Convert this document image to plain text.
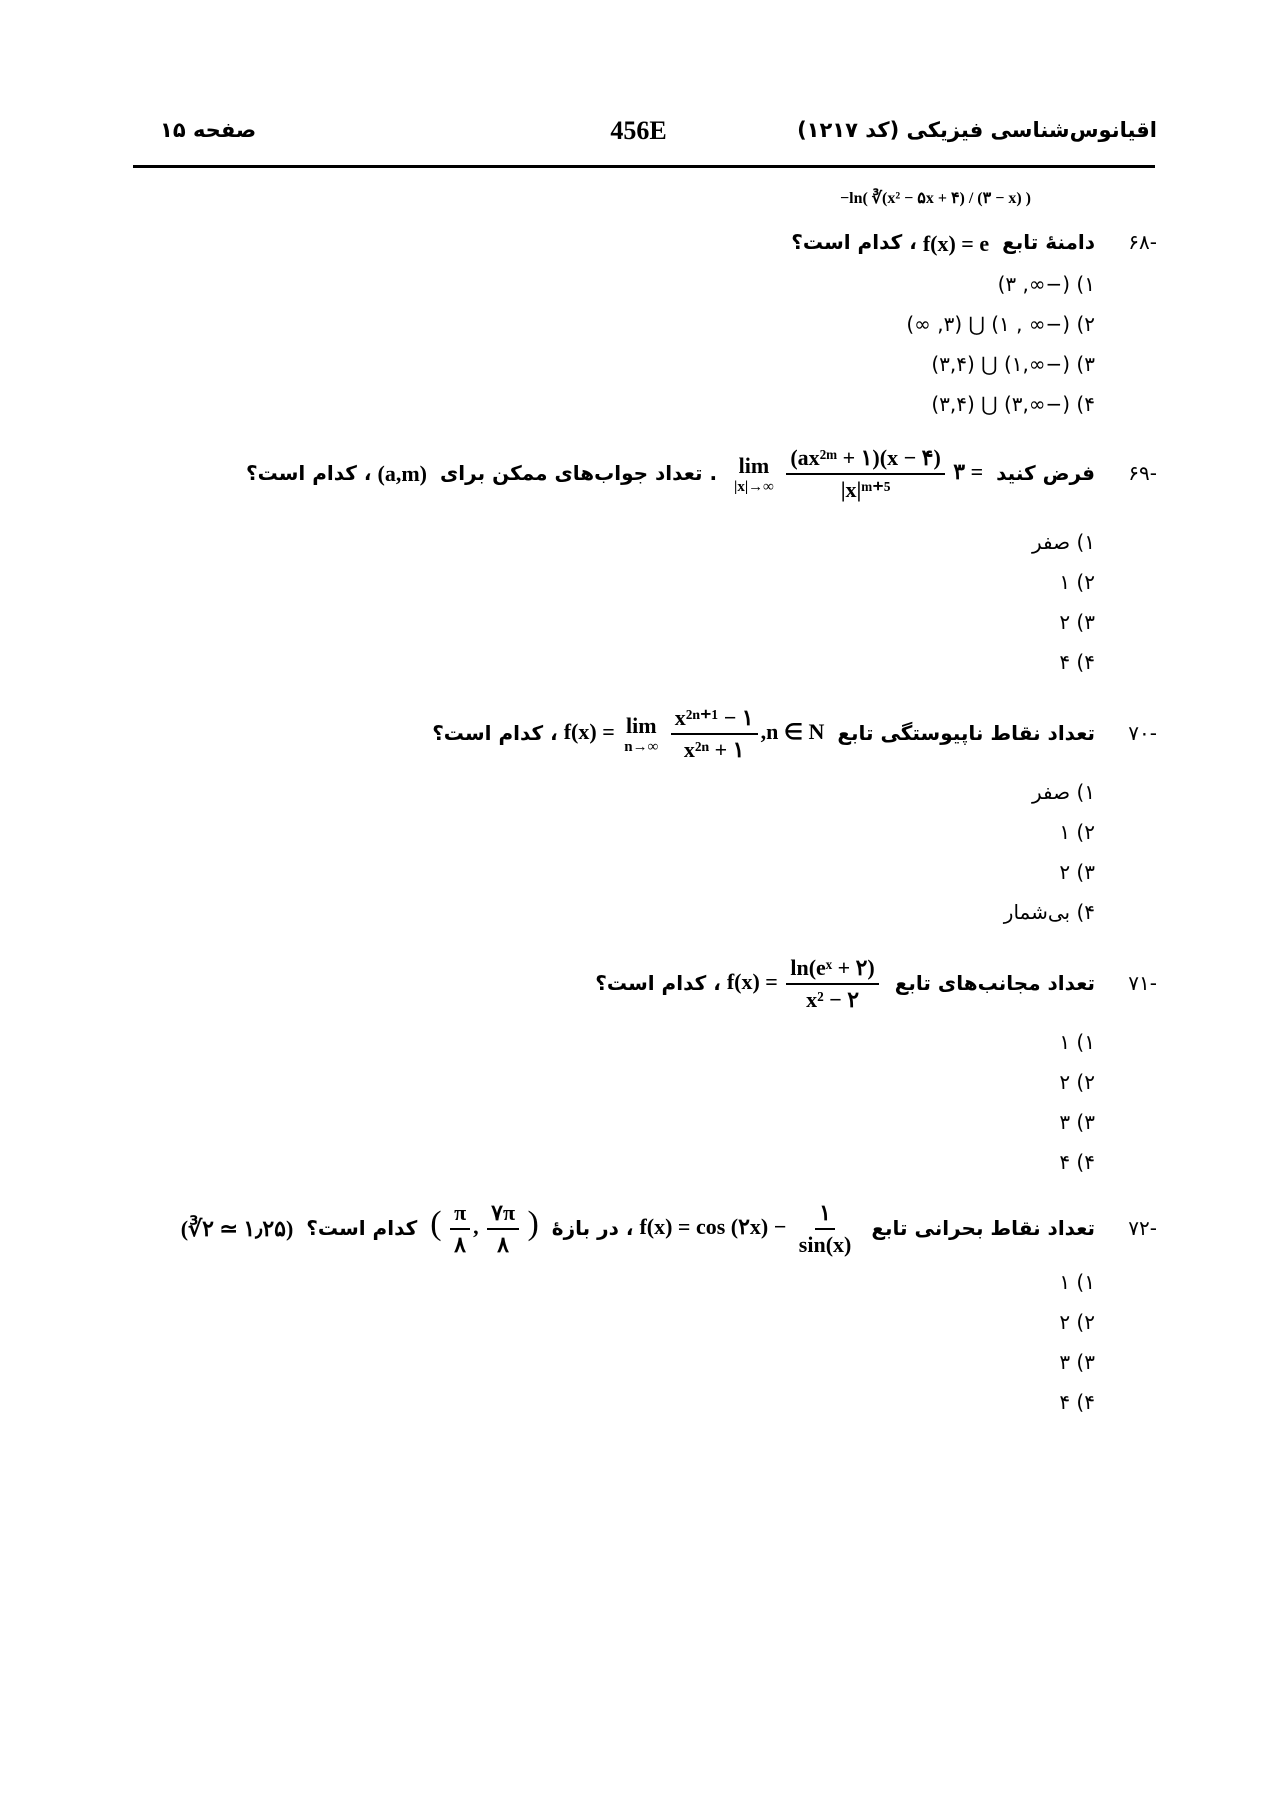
اقیانوس‌شناسی فیزیکی (کد ۱۲۱۷)
456E
صفحه ۱۵
−ln( ∛(x² − ۵x + ۴) / (۳ − x) )
-۶۸ دامنهٔ تابع f(x) = e، کدام است؟
۱) (−∞, ۳)
۲) (−∞ , ۱) ⋃ (۳, ∞)
۳) (−∞,۱) ⋃ (۳,۴)
۴) (−∞,۳) ⋃ (۳,۴)
-۶۹ فرض کنید
lim
|x|→∞
$\frac{\text{(ax²ᵐ + ۱)(x − ۴)}}{\text{|x|ᵐ⁺⁵}}$ ۳ = . تعداد جواب‌های ممکن برای (a,m)، کدام است؟
۱) صفر
۲) ۱
۳) ۲
۴) ۴
-۷۰ تعداد نقاط ناپیوستگی تابع f(x) = lim
n→∞
$\frac{\text{x²ⁿ⁺¹ − ۱}}{\text{x²ⁿ + ۱}} ,n$ ∈ N، کدام است؟
۱) صفر
۲) ۱
۳) ۲
۴) بی‌شمار
-۷۱ تعداد مجانب‌های تابع $f(x) = \frac{\text{ln(eˣ + ۲)}}{\text{x² − ۲}}$
، کدام است؟
۱) ۱
۲) ۲
۳) ۳
۴) ۴
-۷۲ تعداد نقاط بحرانی تابع f(x) = cos (۲x) − $\frac{۱}{\sin(x)}$
، در بازهٔ ( $\frac{\pi}{۸}$ , $\frac{۷\pi}{۸}$ ) کدام است؟ (∛۲ ≃ ۱٫۲۵)
۱) ۱
۲) ۲
۳) ۳
۴) ۴
